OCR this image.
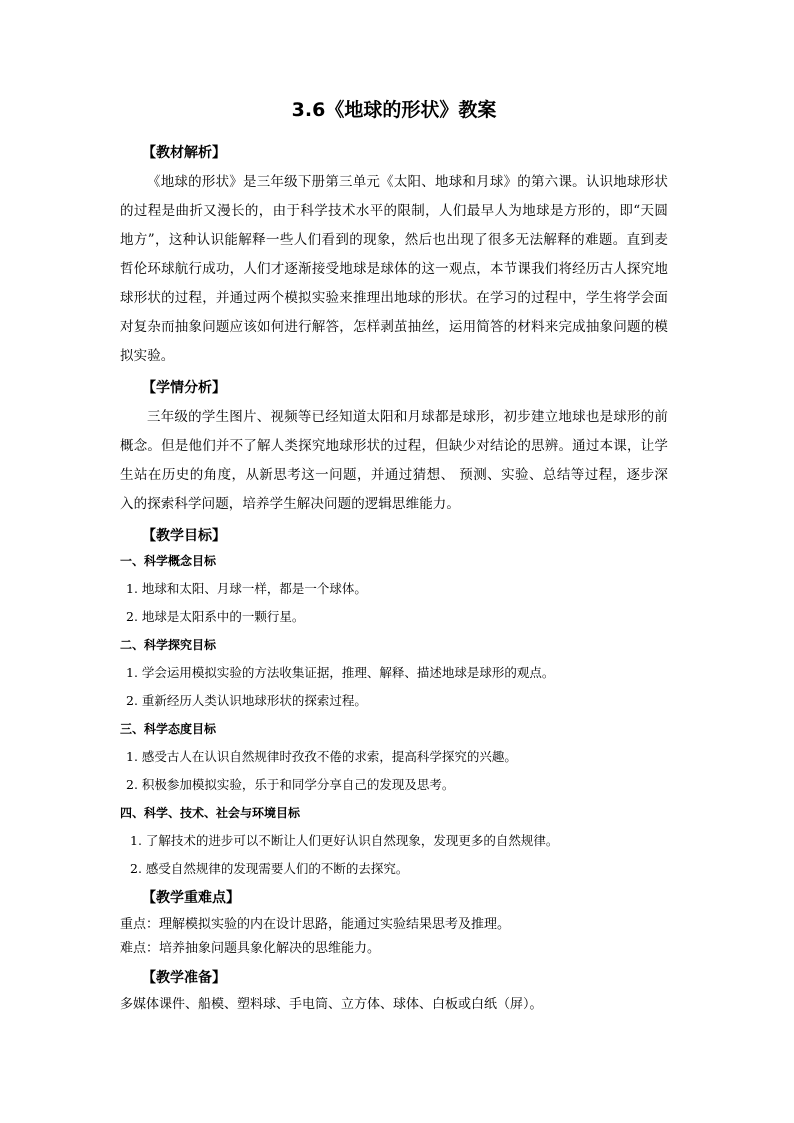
3.6《地球的形状》教案
【教材解析】

《地球的形状》是三年级下册第三单元《太阳、地球和月球》的第六课。认识地球形状的过程是曲折又漫长的，由于科学技术水平的限制，人们最早人为地球是方形的，即“天圆地方”，这种认识能解释一些人们看到的现象，然后也出现了很多无法解释的难题。直到麦哲伦环球航行成功，人们才逐渐接受地球是球体的这一观点，本节课我们将经历古人探究地球形状的过程，并通过两个模拟实验来推理出地球的形状。在学习的过程中，学生将学会面对复杂而抽象问题应该如何进行解答，怎样剥茧抽丝，运用简答的材料来完成抽象问题的模拟实验。

【学情分析】

三年级的学生图片、视频等已经知道太阳和月球都是球形，初步建立地球也是球形的前概念。但是他们并不了解人类探究地球形状的过程，但缺少对结论的思辨。通过本课，让学生站在历史的角度，从新思考这一问题，并通过猜想、 预测、实验、总结等过程，逐步深入的探索科学问题，培养学生解决问题的逻辑思维能力。

【教学目标】
一、科学概念目标
1. 地球和太阳、月球一样，都是一个球体。
2. 地球是太阳系中的一颗行星。
二、科学探究目标
1. 学会运用模拟实验的方法收集证据，推理、解释、描述地球是球形的观点。
2. 重新经历人类认识地球形状的探索过程。
三、科学态度目标
1. 感受古人在认识自然规律时孜孜不倦的求索，提高科学探究的兴趣。
2. 积极参加模拟实验，乐于和同学分享自己的发现及思考。
四、科学、技术、社会与环境目标
1. 了解技术的进步可以不断让人们更好认识自然现象，发现更多的自然规律。
2. 感受自然规律的发现需要人们的不断的去探究。
【教学重难点】

重点：理解模拟实验的内在设计思路，能通过实验结果思考及推理。

难点：培养抽象问题具象化解决的思维能力。

【教学准备】

多媒体课件、船模、塑料球、手电筒、立方体、球体、白板或白纸（屏）。
